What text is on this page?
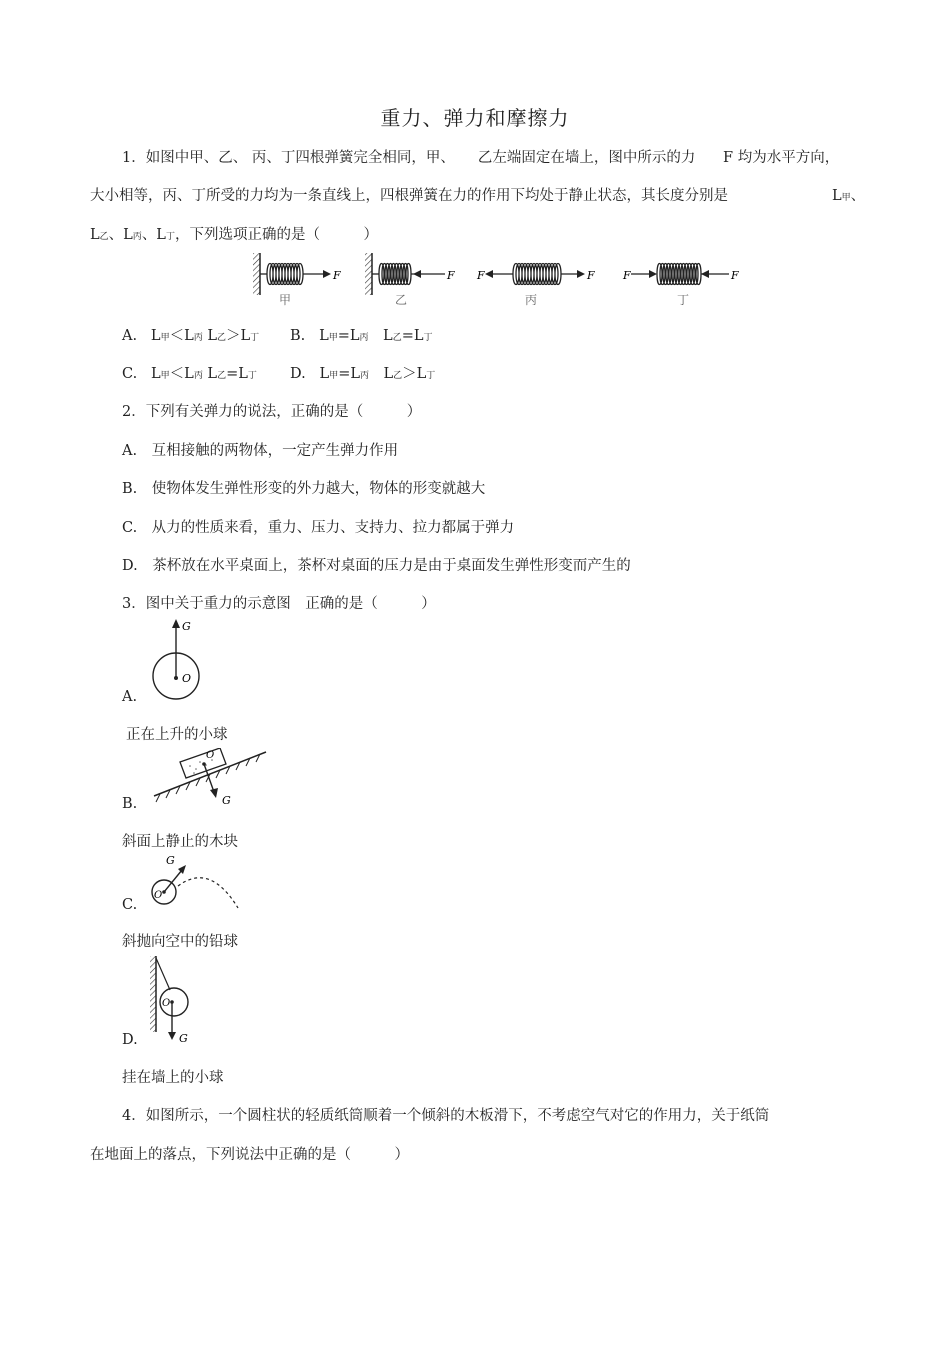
重力、弹力和摩擦力
1．如图中甲、乙、 丙、丁四根弹簧完全相同，甲、 乙左端固定在墙上，图中所示的力 F 均为水平方向，
大小相等，丙、丁所受的力均为一条直线上，四根弹簧在力的作用下均处于静止状态，其长度分别是	L甲、
L乙、L丙、L丁，下列选项正确的是（　　　）
F
甲
F
乙
F	F
丙
F	F
丁
A. L甲＜L丙 L乙＞L丁 B. L甲=L丙　L乙=L丁
C. L甲＜L丙 L乙=L丁 D. L甲=L丙　L乙＞L丁
2．下列有关弹力的说法，正确的是（　　　）
A.　互相接触的两物体，一定产生弹力作用
B.　使物体发生弹性形变的外力越大，物体的形变就越大
C.　从力的性质来看，重力、压力、支持力、拉力都属于弹力
D.　茶杯放在水平桌面上，茶杯对桌面的压力是由于桌面发生弹性形变而产生的
3．图中关于重力的示意图　正确的是（　　　）
G
O
A.
正在上升的小球
O
G
B.
斜面上静止的木块
G
O
C.
斜抛向空中的铅球
O
G
D.
挂在墙上的小球
4．如图所示，一个圆柱状的轻质纸筒顺着一个倾斜的木板滑下，不考虑空气对它的作用力，关于纸筒
在地面上的落点，下列说法中正确的是（　　　）
